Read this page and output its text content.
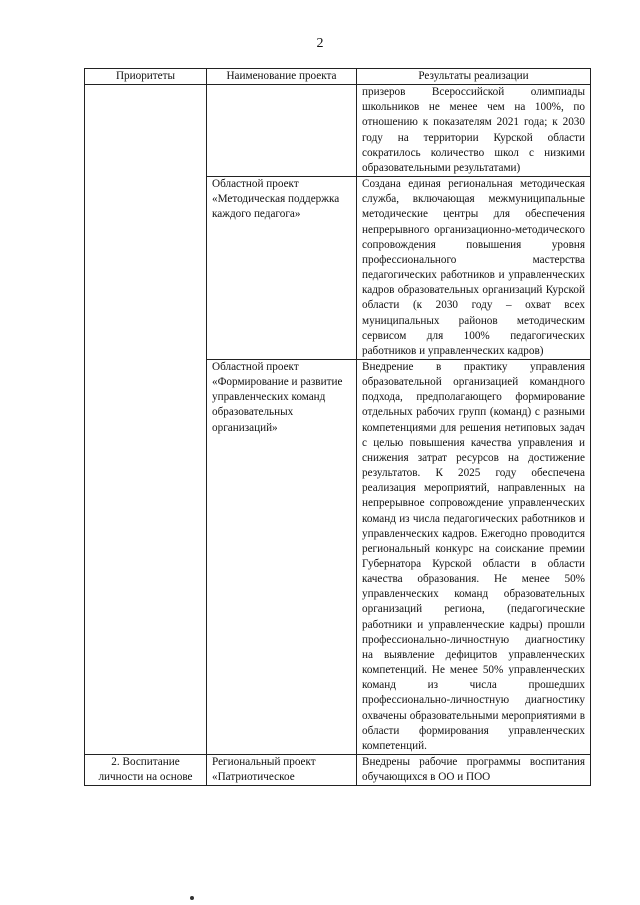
2
Приоритеты	Наименование проекта	Результаты реализации
		призеров Всероссийской олимпиады школьников не менее чем на 100%, по отношению к показателям 2021 года; к 2030 году на территории Курской области сократилось количество школ с низкими образовательными результатами)
	Областной проект «Методическая поддержка каждого педагога»	Создана единая региональная методическая служба, включающая межмуниципальные методические центры для обеспечения непрерывного организационно-методического сопровождения повышения уровня профессионального мастерства педагогических работников и управленческих кадров образовательных организаций Курской области (к 2030 году – охват всех муниципальных районов методическим сервисом для 100% педагогических работников и управленческих кадров)
	Областной проект «Формирование и развитие управленческих команд образовательных организаций»	Внедрение в практику управления образовательной организацией командного подхода, предполагающего формирование отдельных рабочих групп (команд) с разными компетенциями для решения нетиповых задач с целью повышения качества управления и снижения затрат ресурсов на достижение результатов. К 2025 году обеспечена реализация мероприятий, направленных на непрерывное сопровождение управленческих команд из числа педагогических работников и управленческих кадров. Ежегодно проводится региональный конкурс на соискание премии Губернатора Курской области в области качества образования. Не менее 50% управленческих команд образовательных организаций региона, (педагогические работники и управленческие кадры) прошли профессионально-личностную диагностику на выявление дефицитов управленческих компетенций. Не менее 50% управленческих команд из числа прошедших профессионально-личностную диагностику охвачены образовательными мероприятиями в области формирования управленческих компетенций.
2. Воспитание личности на основе	Региональный проект «Патриотическое	Внедрены рабочие программы воспитания обучающихся в ОО и ПОО
